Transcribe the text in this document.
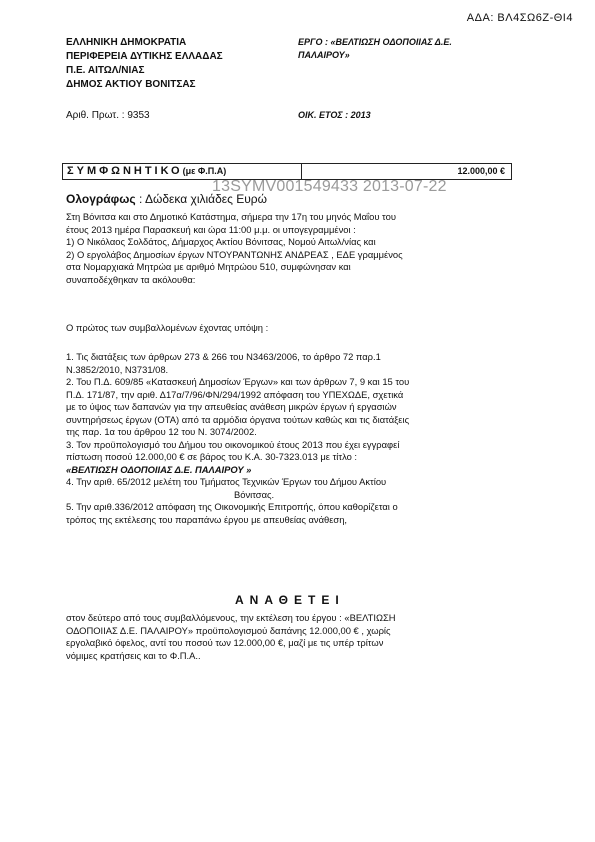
ΑΔΑ: ΒΛ4ΣΩ6Ζ-ΘΙ4
ΕΛΛΗΝΙΚΗ ΔΗΜΟΚΡΑΤΙΑ
ΠΕΡΙΦΕΡΕΙΑ ΔΥΤΙΚΗΣ ΕΛΛΑΔΑΣ
Π.Ε. ΑΙΤΩΛ/ΝΙΑΣ
ΔΗΜΟΣ ΑΚΤΙΟΥ ΒΟΝΙΤΣΑΣ
ΕΡΓΟ : «ΒΕΛΤΙΩΣΗ ΟΔΟΠΟΙΙΑΣ Δ.Ε.
ΠΑΛΑΙΡΟΥ»
Αριθ. Πρωτ. : 9353	ΟΙΚ. ΕΤΟΣ : 2013
ΣΥΜΦΩΝΗΤΙΚΟ(με Φ.Π.Α)	12.000,00 €
13SYMV001549433 2013-07-22
Ολογράφως : Δώδεκα χιλιάδες Ευρώ
Στη Βόνιτσα και στο Δημοτικό Κατάστημα, σήμερα την 17η του μηνός Μαΐου του
έτους 2013 ημέρα Παρασκευή και ώρα 11:00 μ.μ. οι υπογεγραμμένοι :
1) Ο Νικόλαος Σολδάτος, Δήμαρχος Ακτίου Βόνιτσας, Νομού Αιτωλ/νίας και
2) Ο εργολάβος Δημοσίων έργων ΝΤΟΥΡΑΝΤΩΝΗΣ ΑΝΔΡΕΑΣ , ΕΔΕ γραμμένος
στα Νομαρχιακά Μητρώα με αριθμό Μητρώου 510, συμφώνησαν και
συναποδέχθηκαν τα ακόλουθα:
Ο πρώτος των συμβαλλομένων έχοντας υπόψη :
1. Τις διατάξεις των άρθρων 273 & 266 του Ν3463/2006, το άρθρο 72 παρ.1
Ν.3852/2010, Ν3731/08.
2. Του Π.Δ. 609/85 «Κατασκευή Δημοσίων Έργων» και των άρθρων 7, 9 και 15 του
Π.Δ. 171/87, την αριθ. Δ17α/7/96/ΦΝ/294/1992 απόφαση του ΥΠΕΧΩΔΕ, σχετικά
με το ύψος των δαπανών για την απευθείας ανάθεση μικρών έργων ή εργασιών
συντηρήσεως έργων (ΟΤΑ) από τα αρμόδια όργανα τούτων καθώς και τις διατάξεις
της παρ. 1α του άρθρου 12 του Ν. 3074/2002.
3. Τον προϋπολογισμό του Δήμου του οικονομικού έτους 2013 που έχει εγγραφεί
πίστωση ποσού 12.000,00 € σε βάρος του Κ.Α. 30-7323.013 με τίτλο :
«ΒΕΛΤΙΩΣΗ ΟΔΟΠΟΙΙΑΣ Δ.Ε. ΠΑΛΑΙΡΟΥ »
4. Την αριθ. 65/2012 μελέτη του Τμήματος Τεχνικών Έργων του Δήμου Ακτίου
Βόνιτσας.
5. Την αριθ.336/2012 απόφαση της Οικονομικής Επιτροπής, όπου καθορίζεται ο
τρόπος της εκτέλεσης του παραπάνω έργου με απευθείας ανάθεση,
ΑΝΑΘΕΤΕΙ
στον δεύτερο από τους συμβαλλόμενους, την εκτέλεση του έργου : «ΒΕΛΤΙΩΣΗ
ΟΔΟΠΟΙΙΑΣ Δ.Ε. ΠΑΛΑΙΡΟΥ» προϋπολογισμού δαπάνης 12.000,00 € , χωρίς
εργολαβικό όφελος, αντί του ποσού των 12.000,00 €, μαζί με τις υπέρ τρίτων
νόμιμες κρατήσεις και το Φ.Π.Α..
